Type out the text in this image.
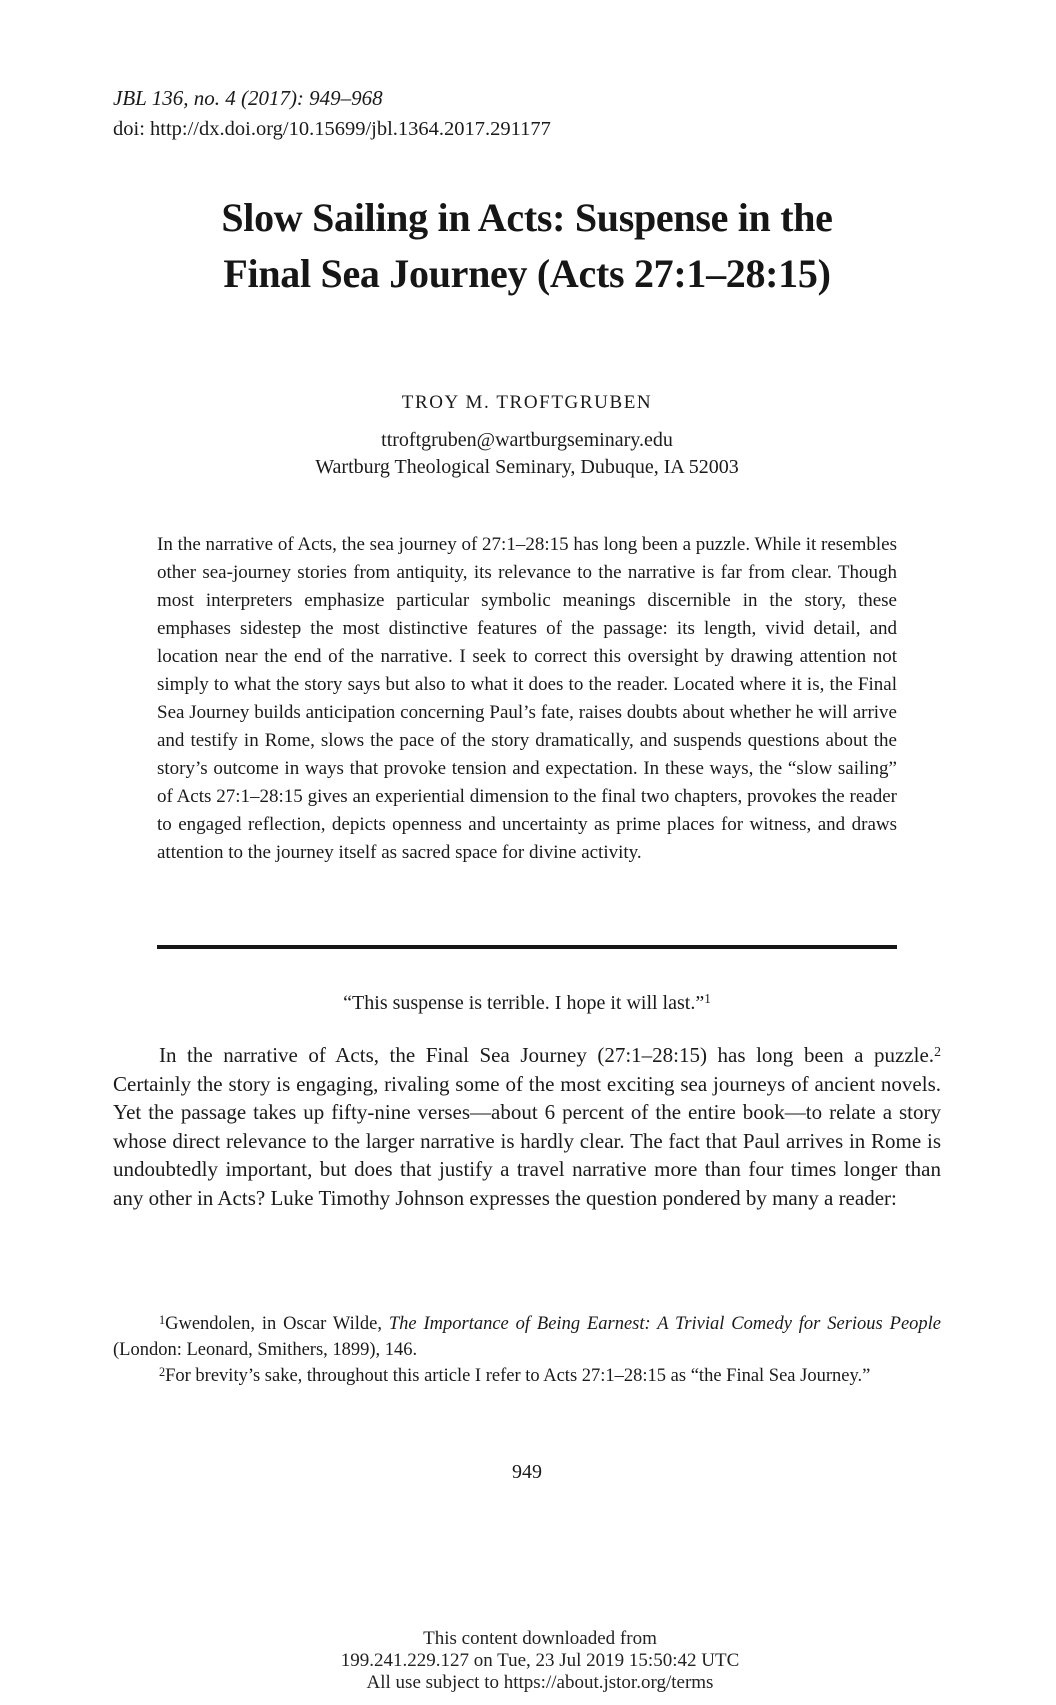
JBL 136, no. 4 (2017): 949–968
doi: http://dx.doi.org/10.15699/jbl.1364.2017.291177
Slow Sailing in Acts: Suspense in the
Final Sea Journey (Acts 27:1–28:15)
TROY M. TROFTGRUBEN
ttroftgruben@wartburgseminary.edu
Wartburg Theological Seminary, Dubuque, IA 52003
In the narrative of Acts, the sea journey of 27:1–28:15 has long been a puzzle. While it resembles other sea-journey stories from antiquity, its relevance to the narrative is far from clear. Though most interpreters emphasize particular symbolic meanings discernible in the story, these emphases sidestep the most distinctive features of the passage: its length, vivid detail, and location near the end of the narrative. I seek to correct this oversight by drawing attention not simply to what the story says but also to what it does to the reader. Located where it is, the Final Sea Journey builds anticipation concerning Paul’s fate, raises doubts about whether he will arrive and testify in Rome, slows the pace of the story dramatically, and suspends questions about the story’s outcome in ways that provoke tension and expectation. In these ways, the “slow sailing” of Acts 27:1–28:15 gives an experiential dimension to the final two chapters, provokes the reader to engaged reflection, depicts openness and uncertainty as prime places for witness, and draws attention to the journey itself as sacred space for divine activity.
“This suspense is terrible. I hope it will last.”$^1$

In the narrative of Acts, the Final Sea Journey (27:1–28:15) has long been a puzzle.$^2$ Certainly the story is engaging, rivaling some of the most exciting sea journeys of ancient novels. Yet the passage takes up fifty-nine verses—about 6 percent of the entire book—to relate a story whose direct relevance to the larger narrative is hardly clear. The fact that Paul arrives in Rome is undoubtedly important, but does that justify a travel narrative more than four times longer than any other in Acts? Luke Timothy Johnson expresses the question pondered by many a reader:

$^1$Gwendolen, in Oscar Wilde, The Importance of Being Earnest: A Trivial Comedy for Serious People (London: Leonard, Smithers, 1899), 146.

$^2$For brevity’s sake, throughout this article I refer to Acts 27:1–28:15 as “the Final Sea Journey.”

949
This content downloaded from
199.241.229.127 on Tue, 23 Jul 2019 15:50:42 UTC
All use subject to https://about.jstor.org/terms
